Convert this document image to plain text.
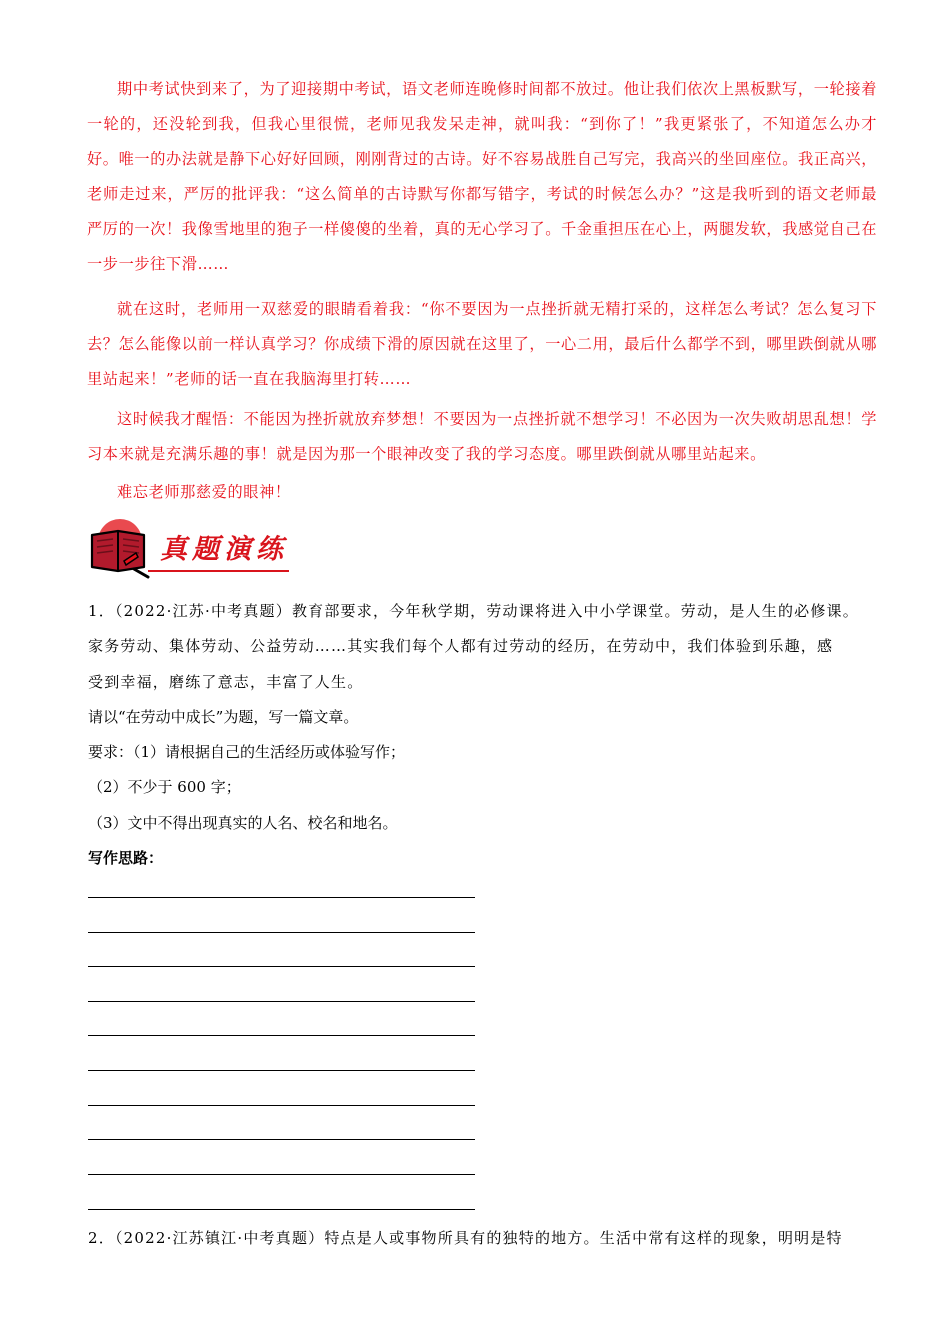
期中考试快到来了，为了迎接期中考试，语文老师连晚修时间都不放过。他让我们依次上黑板默写，一轮接着一轮的，还没轮到我，但我心里很慌，老师见我发呆走神，就叫我：“到你了！”我更紧张了，不知道怎么办才好。唯一的办法就是静下心好好回顾，刚刚背过的古诗。好不容易战胜自己写完，我高兴的坐回座位。我正高兴，老师走过来，严厉的批评我：“这么简单的古诗默写你都写错字，考试的时候怎么办？”这是我听到的语文老师最严厉的一次！我像雪地里的狍子一样傻傻的坐着，真的无心学习了。千金重担压在心上，两腿发软，我感觉自己在一步一步往下滑……

就在这时，老师用一双慈爱的眼睛看着我：“你不要因为一点挫折就无精打采的，这样怎么考试？怎么复习下去？怎么能像以前一样认真学习？你成绩下滑的原因就在这里了，一心二用，最后什么都学不到，哪里跌倒就从哪里站起来！”老师的话一直在我脑海里打转……

这时候我才醒悟：不能因为挫折就放弃梦想！不要因为一点挫折就不想学习！不必因为一次失败胡思乱想！学习本来就是充满乐趣的事！就是因为那一个眼神改变了我的学习态度。哪里跌倒就从哪里站起来。

难忘老师那慈爱的眼神！

真题演练

1．（2022·江苏·中考真题）教育部要求，今年秋学期，劳动课将进入中小学课堂。劳动，是人生的必修课。

家务劳动、集体劳动、公益劳动……其实我们每个人都有过劳动的经历，在劳动中，我们体验到乐趣，感

受到幸福，磨练了意志，丰富了人生。

请以“在劳动中成长”为题，写一篇文章。

要求：（1）请根据自己的生活经历或体验写作；

（2）不少于 600 字；

（3）文中不得出现真实的人名、校名和地名。

写作思路：

2．（2022·江苏镇江·中考真题）特点是人或事物所具有的独特的地方。生活中常有这样的现象，明明是特
